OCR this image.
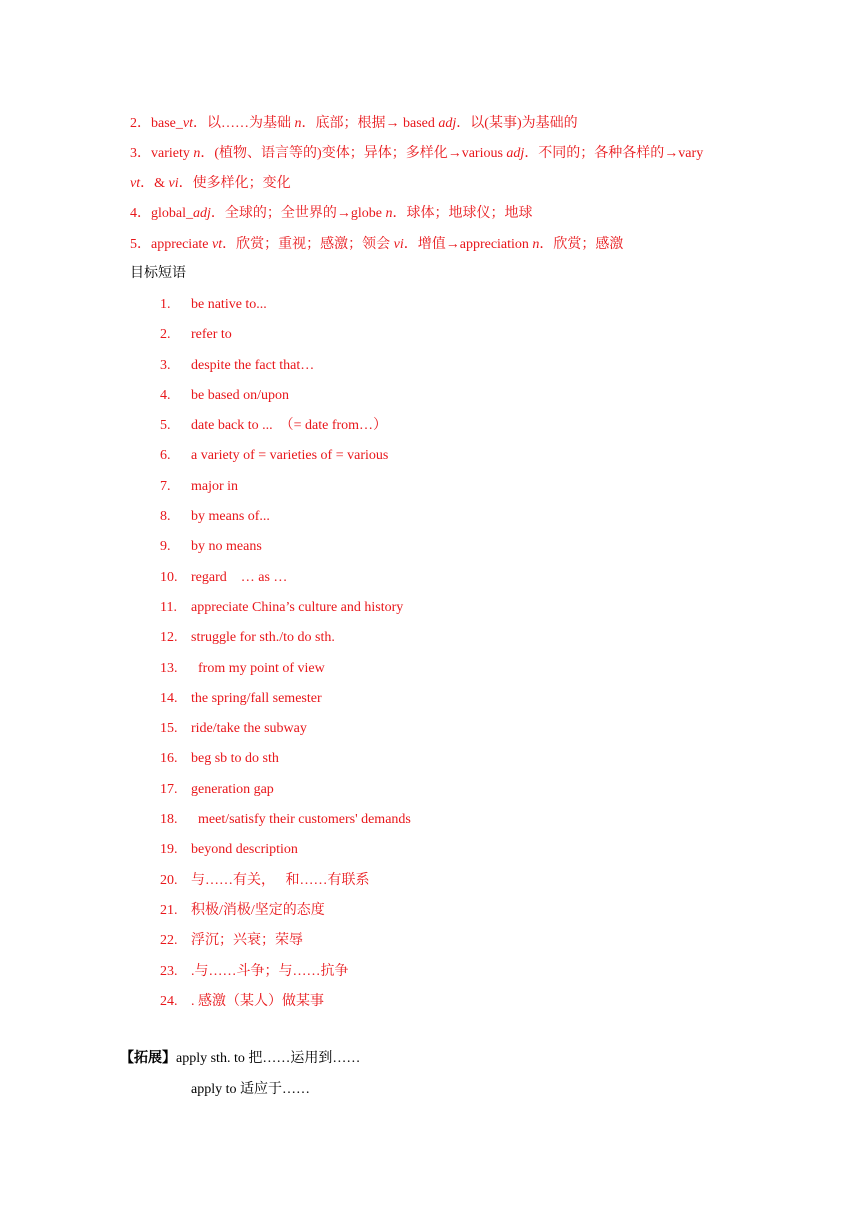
2．base_vt．以……为基础 n．底部；根据→ based adj．以(某事)为基础的
3．variety n．(植物、语言等的)变体；异体；多样化→various adj．不同的；各种各样的→vary
vt．& vi．使多样化；变化
4．global_adj．全球的；全世界的→globe n．球体；地球仪；地球
5．appreciate vt．欣赏；重视；感激；领会 vi．增值→appreciation n．欣赏；感激
目标短语
1.	be native to...
2.	refer to
3.	despite the fact that…
4.	be based on/upon
5.	date back to ...  （= date from…）
6.	a variety of = varieties of = various
7.	major in
8.	by means of...
9.	by no means
10. regard    … as …
11.	appreciate China’s culture and history
12. struggle for sth./to do sth.
13. from my point of view
14. the spring/fall semester
15. ride/take the subway
16. beg sb to do sth
17. generation gap
18. meet/satisfy their customers' demands
19. beyond description
20. 与……有关，   和……有联系
21. 积极/消极/坚定的态度
22. 浮沉；兴衰；荣辱
23. .与……斗争；与……抗争
24. . 感激（某人）做某事
【拓展】apply sth. to 把……运用到……
apply to 适应于……
